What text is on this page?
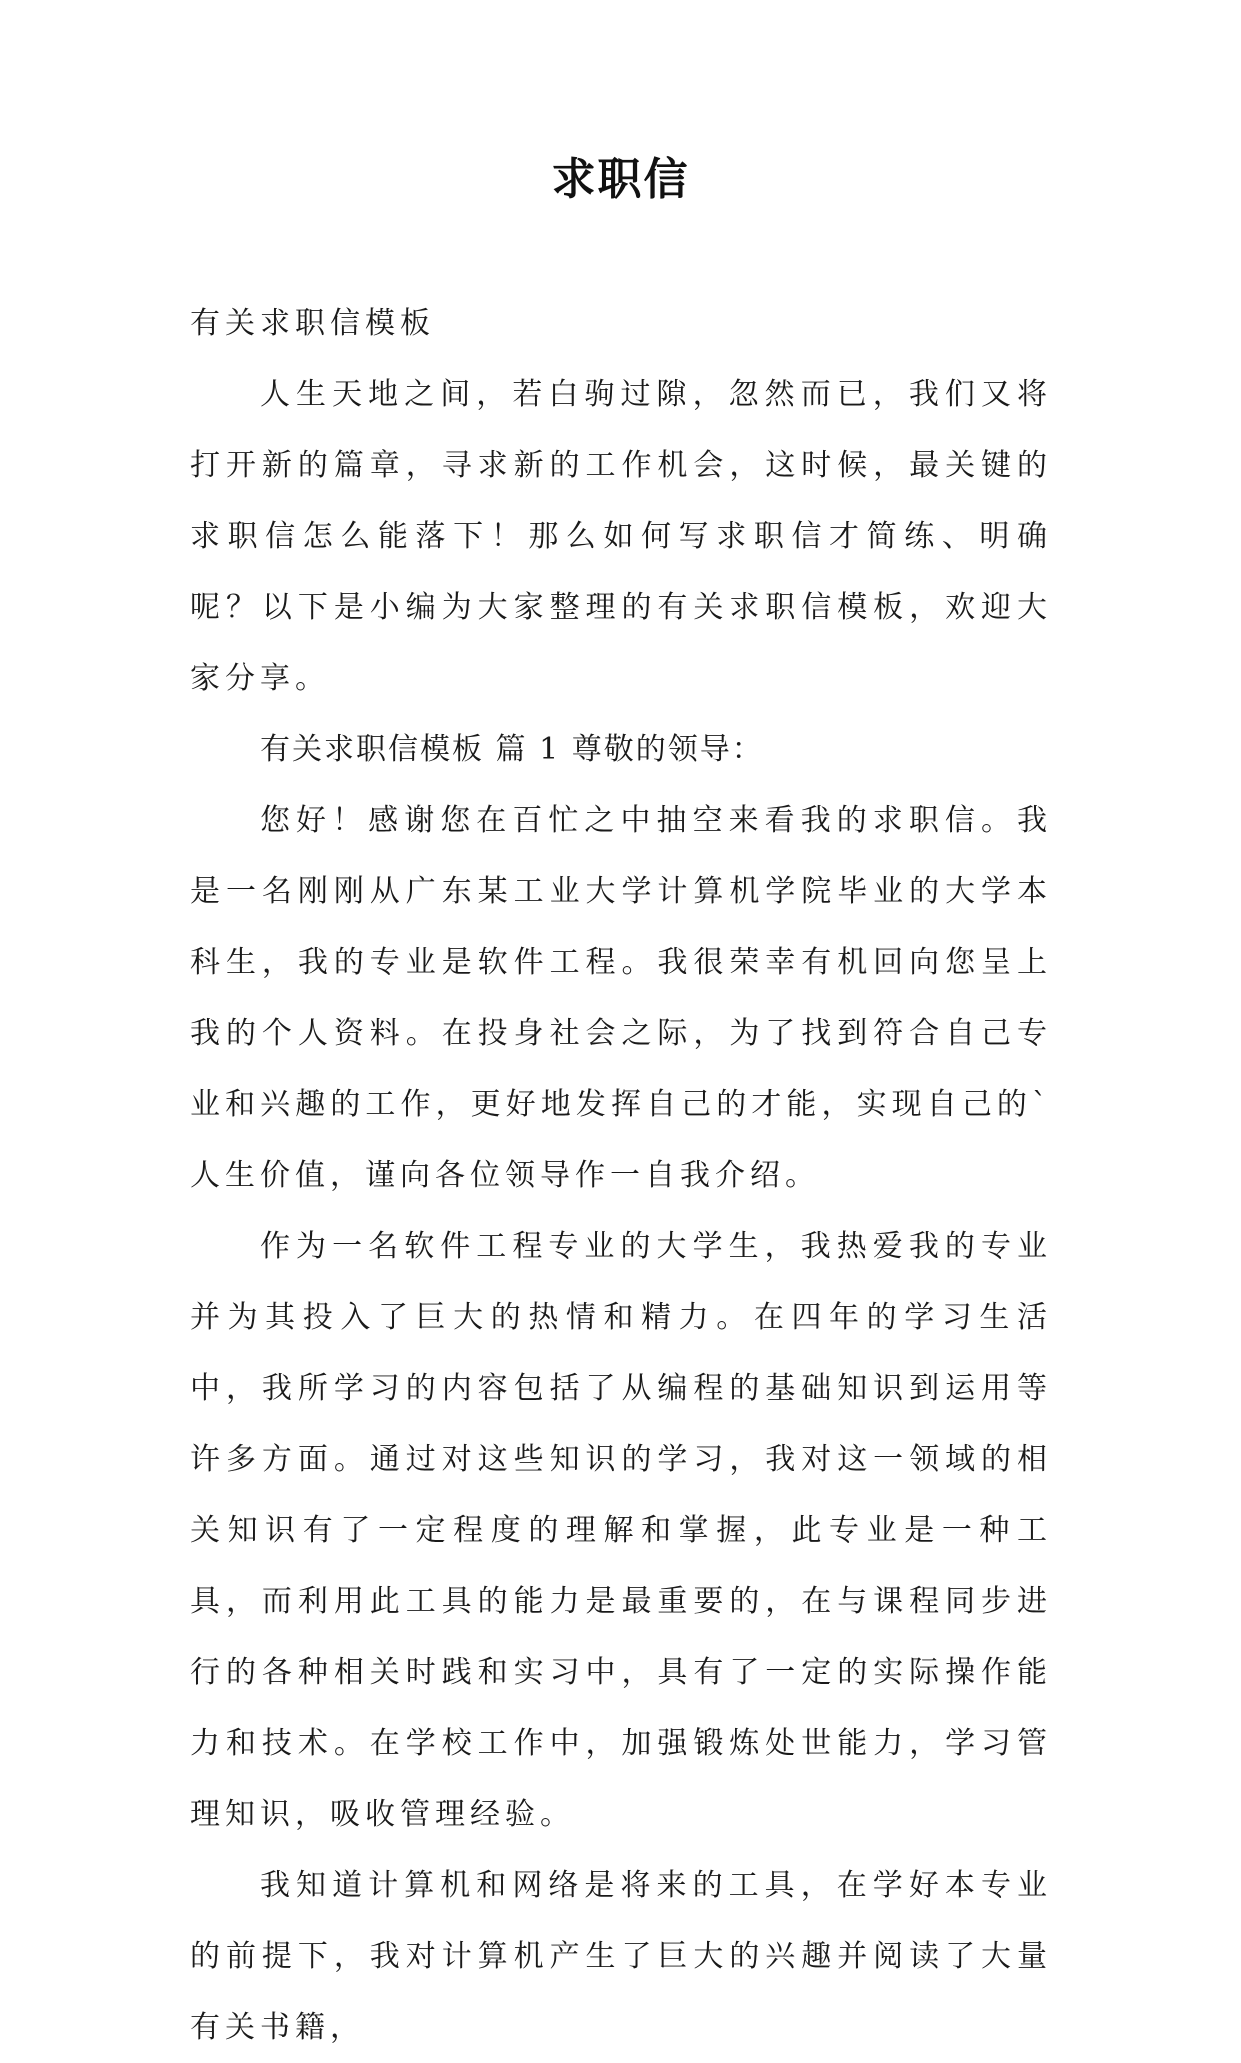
求职信

有关求职信模板

人生天地之间，若白驹过隙，忽然而已，我们又将打开新的篇章，寻求新的工作机会，这时候，最关键的求职信怎么能落下！那么如何写求职信才简练、明确呢？以下是小编为大家整理的有关求职信模板，欢迎大家分享。

有关求职信模板 篇 1 尊敬的领导：

您好！感谢您在百忙之中抽空来看我的求职信。我是一名刚刚从广东某工业大学计算机学院毕业的大学本科生，我的专业是软件工程。我很荣幸有机回向您呈上我的个人资料。在投身社会之际，为了找到符合自己专业和兴趣的工作，更好地发挥自己的才能，实现自己的`人生价值，谨向各位领导作一自我介绍。

作为一名软件工程专业的大学生，我热爱我的专业并为其投入了巨大的热情和精力。在四年的学习生活中，我所学习的内容包括了从编程的基础知识到运用等许多方面。通过对这些知识的学习，我对这一领域的相关知识有了一定程度的理解和掌握，此专业是一种工具，而利用此工具的能力是最重要的，在与课程同步进行的各种相关时践和实习中，具有了一定的实际操作能力和技术。在学校工作中，加强锻炼处世能力，学习管理知识，吸收管理经验。

我知道计算机和网络是将来的工具，在学好本专业的前提下，我对计算机产生了巨大的兴趣并阅读了大量有关书籍，
